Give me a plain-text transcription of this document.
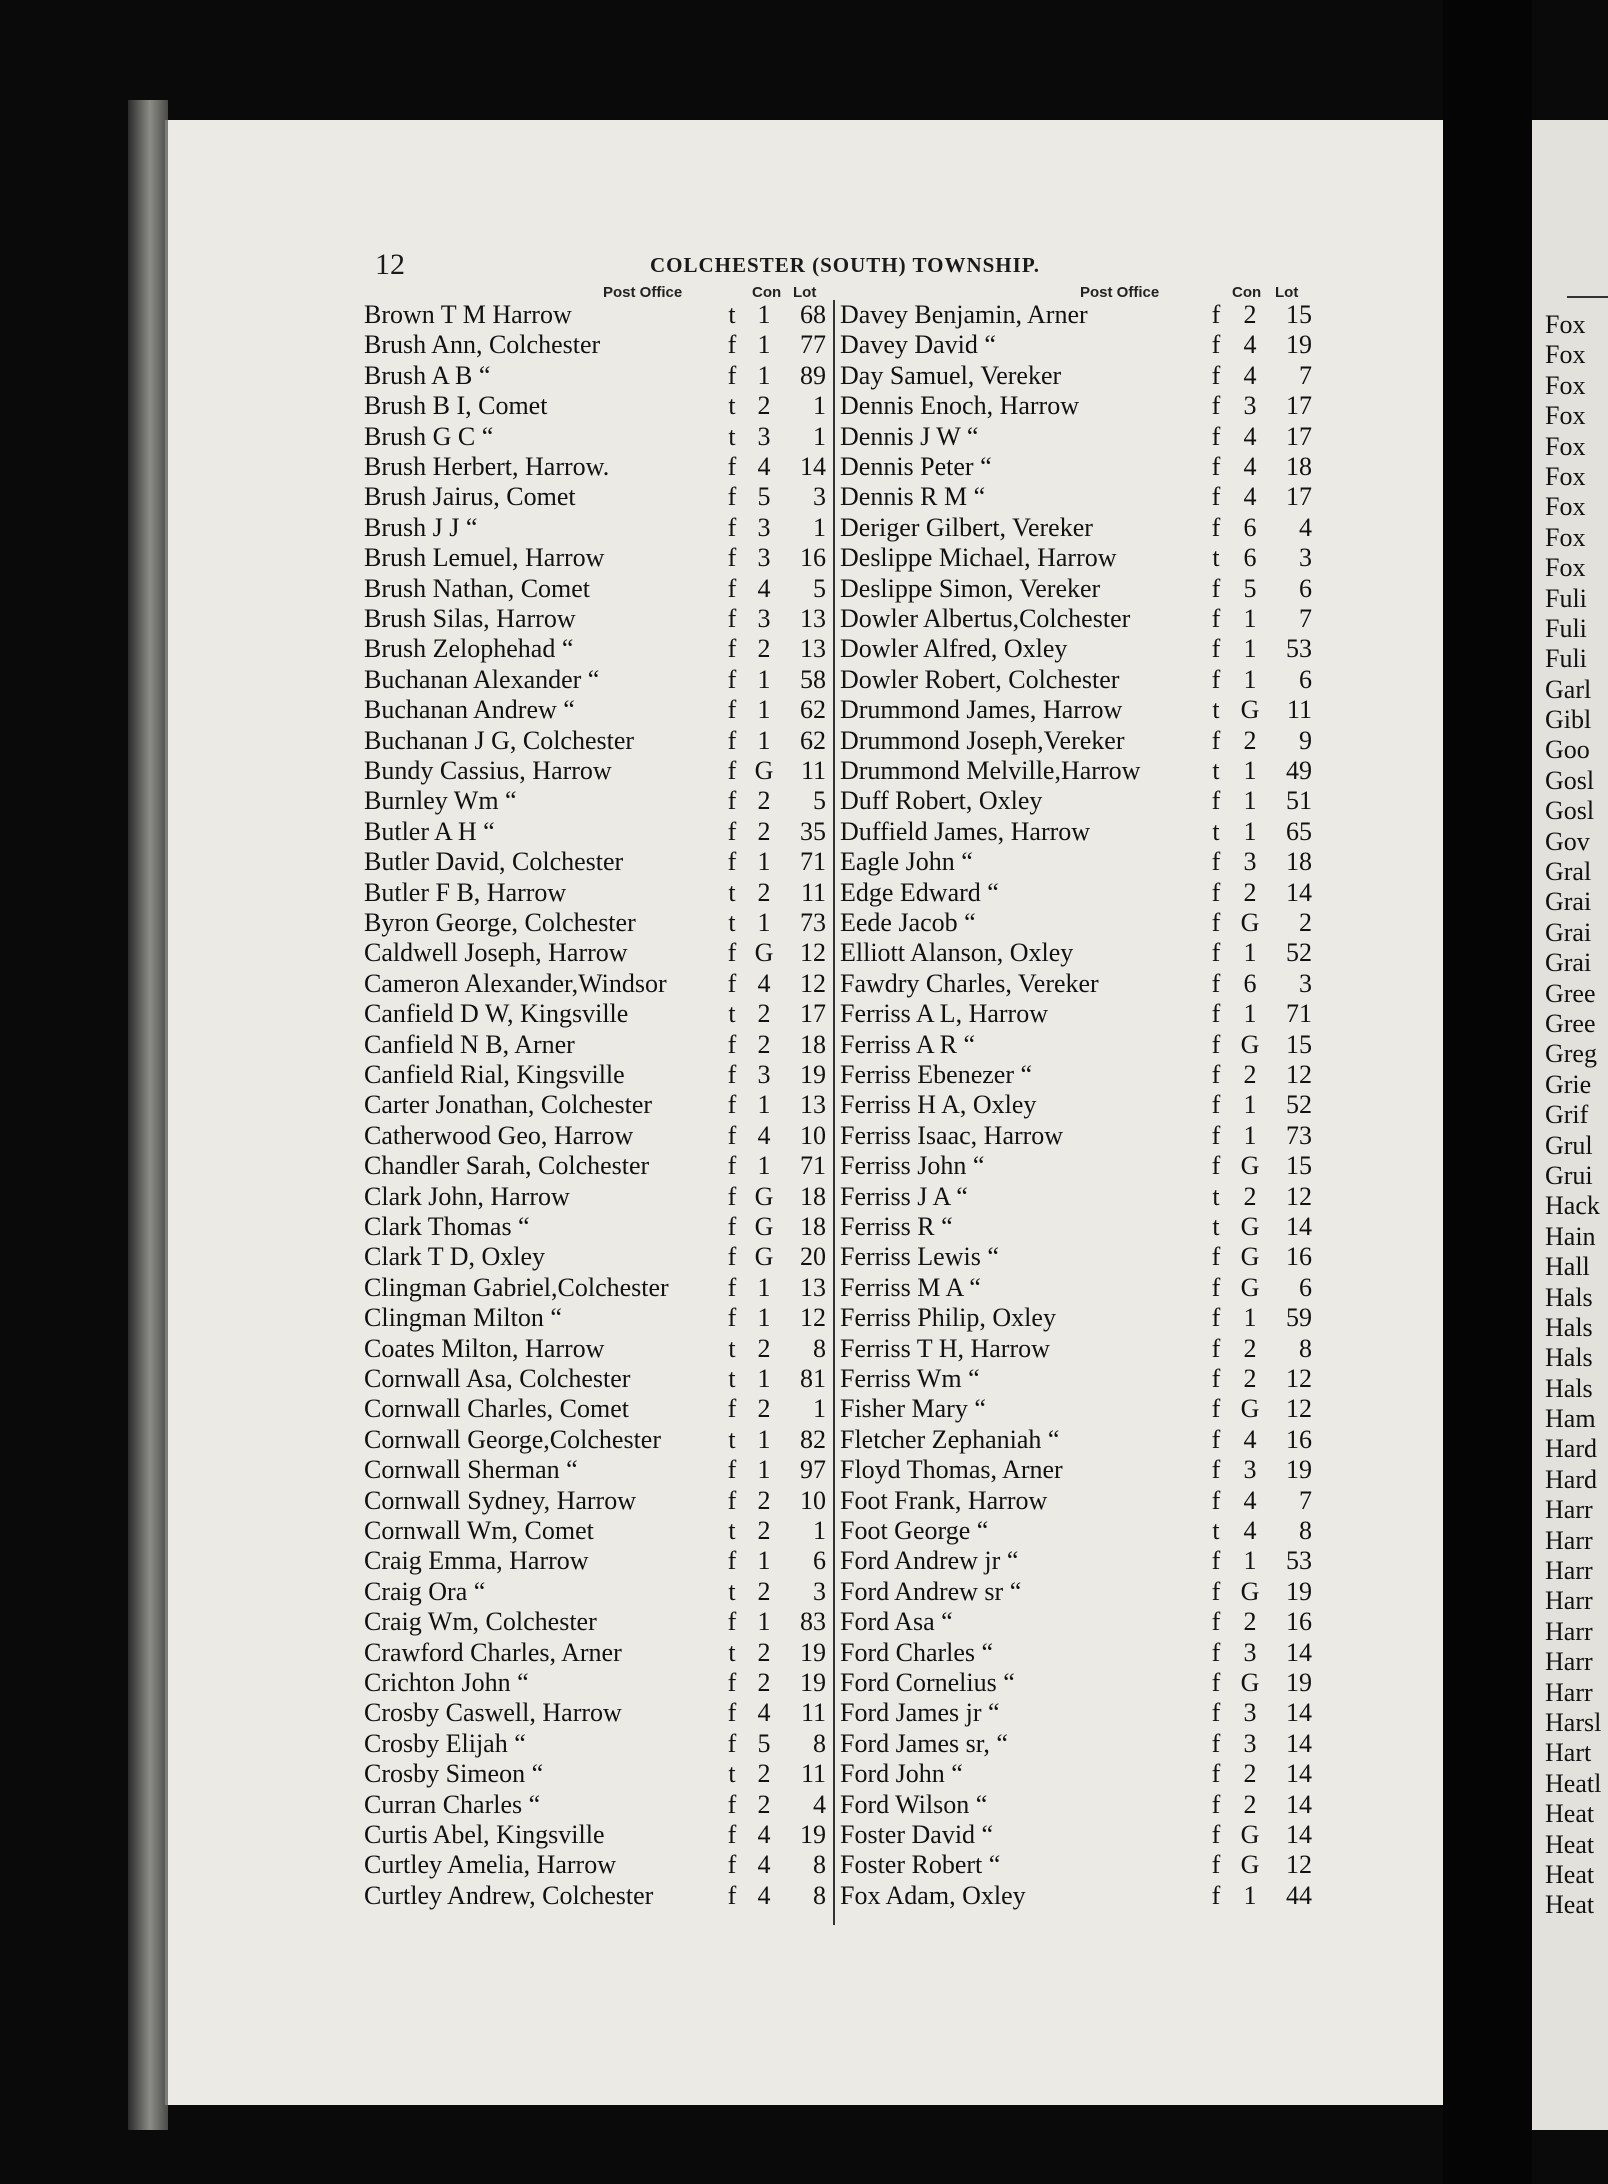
12	COLCHESTER (SOUTH) TOWNSHIP.
Post Office	Con Lot	Post Office	Con Lot
Brown T M Harrow	t 1	68
Brush Ann, Colchester	f 1	77
Brush A B “	f 1	89
Brush B I, Comet	t 2	1
Brush G C “	t 3	1
Brush Herbert, Harrow.	f 4	14
Brush Jairus, Comet	f 5	3
Brush J J “	f 3	1
Brush Lemuel, Harrow	f 3	16
Brush Nathan, Comet	f 4	5
Brush Silas, Harrow	f 3	13
Brush Zelophehad “	f 2	13
Buchanan Alexander “	f 1	58
Buchanan Andrew “	f 1	62
Buchanan J G, Colchester	f 1	62
Bundy Cassius, Harrow	f G	11
Burnley Wm “	f 2	5
Butler A H “	f 2	35
Butler David, Colchester	f 1	71
Butler F B, Harrow	t 2	11
Byron George, Colchester	t 1	73
Caldwell Joseph, Harrow	f G	12
Cameron Alexander,Windsor f 4	12
Canfield D W, Kingsville	t 2	17
Canfield N B, Arner	f 2	18
Canfield Rial, Kingsville	f 3	19
Carter Jonathan, Colchester	f 1	13
Catherwood Geo, Harrow	f 4	10
Chandler Sarah, Colchester	f 1	71
Clark John, Harrow	f G	18
Clark Thomas “	f G	18
Clark T D, Oxley	f G	20
Clingman Gabriel,Colchester f 1	13
Clingman Milton “	f 1	12
Coates Milton, Harrow	t 2	8
Cornwall Asa, Colchester	t 1	81
Cornwall Charles, Comet	f 2	1
Cornwall George,Colchester	t 1	82
Cornwall Sherman “	f 1	97
Cornwall Sydney, Harrow	f 2	10
Cornwall Wm, Comet	t 2	1
Craig Emma, Harrow	f 1	6
Craig Ora “	t 2	3
Craig Wm, Colchester	f 1	83
Crawford Charles, Arner	t 2	19
Crichton John “	f 2	19
Crosby Caswell, Harrow	f 4	11
Crosby Elijah “	f 5	8
Crosby Simeon “	t 2	11
Curran Charles “	f 2	4
Curtis Abel, Kingsville	f 4	19
Curtley Amelia, Harrow	f 4	8
Curtley Andrew, Colchester	f 4	8
Davey Benjamin, Arner	f 2	15
Davey David “	f 4	19
Day Samuel, Vereker	f 4	7
Dennis Enoch, Harrow	f 3	17
Dennis J W “	f 4	17
Dennis Peter “	f 4	18
Dennis R M “	f 4	17
Deriger Gilbert, Vereker	f 6	4
Deslippe Michael, Harrow	t 6	3
Deslippe Simon, Vereker	f 5	6
Dowler Albertus,Colchester	f 1	7
Dowler Alfred, Oxley	f 1	53
Dowler Robert, Colchester	f 1	6
Drummond James, Harrow	t G	11
Drummond Joseph,Vereker	f 2	9
Drummond Melville,Harrow	t 1	49
Duff Robert, Oxley	f 1	51
Duffield James, Harrow	t 1	65
Eagle John “	f 3	18
Edge Edward “	f 2	14
Eede Jacob “	f G	2
Elliott Alanson, Oxley	f 1	52
Fawdry Charles, Vereker	f 6	3
Ferriss A L, Harrow	f 1	71
Ferriss A R “	f G	15
Ferriss Ebenezer “	f 2	12
Ferriss H A, Oxley	f 1	52
Ferriss Isaac, Harrow	f 1	73
Ferriss John “	f G	15
Ferriss J A “	t 2	12
Ferriss R “	t G	14
Ferriss Lewis “	f G	16
Ferriss M A “	f G	6
Ferriss Philip, Oxley	f 1	59
Ferriss T H, Harrow	f 2	8
Ferriss Wm “	f 2	12
Fisher Mary “	f G	12
Fletcher Zephaniah “	f 4	16
Floyd Thomas, Arner	f 3	19
Foot Frank, Harrow	f 4	7
Foot George “	t 4	8
Ford Andrew jr “	f 1	53
Ford Andrew sr “	f G	19
Ford Asa “	f 2	16
Ford Charles “	f 3	14
Ford Cornelius “	f G	19
Ford James jr “	f 3	14
Ford James sr, “	f 3	14
Ford John “	f 2	14
Ford Wilson “	f 2	14
Foster David “	f G	14
Foster Robert “	f G	12
Fox Adam, Oxley	f 1	44
Fox
Fox
Fox
Fox
Fox
Fox
Fox
Fox
Fox
Fuli
Fuli
Fuli
Garl
Gibl
Goo
Gosl
Gosl
Gov
Gral
Grai
Grai
Grai
Gree
Gree
Greg
Grie
Grif
Grul
Grui
Hack
Hain
Hall
Hals
Hals
Hals
Hals
Ham
Hard
Hard
Harr
Harr
Harr
Harr
Harr
Harr
Harr
Harsl
Hart
Heatl
Heat
Heat
Heat
Heat
